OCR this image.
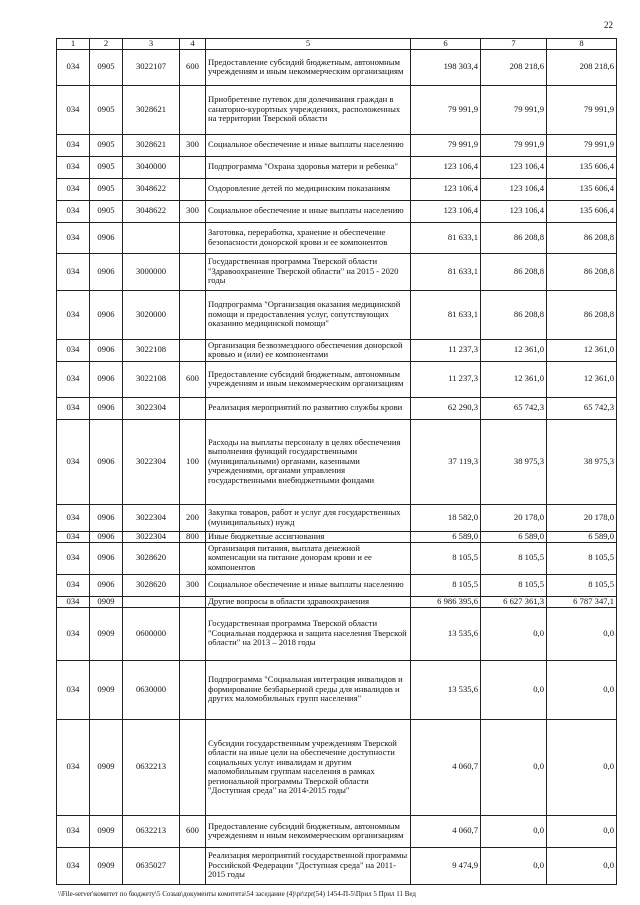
22
1	2	3	4	5	6	7	8
034	0905	3022107	600	Предоставление субсидий бюджетным, автономным учреждениям и иным некоммерческим организациям	198 303,4	208 218,6	208 218,6
034	0905	3028621		Приобретение путевок для долечивания граждан в санаторно-курортных учреждениях, расположенных на территории Тверской области	79 991,9	79 991,9	79 991,9
034	0905	3028621	300	Социальное обеспечение и иные выплаты населению	79 991,9	79 991,9	79 991,9
034	0905	3040000		Подпрограмма "Охрана здоровья матери и ребенка"	123 106,4	123 106,4	135 606,4
034	0905	3048622		Оздоровление детей по медицинским показаниям	123 106,4	123 106,4	135 606,4
034	0905	3048622	300	Социальное обеспечение и иные выплаты населению	123 106,4	123 106,4	135 606,4
034	0906			Заготовка, переработка, хранение и обеспечение безопасности донорской крови и ее компонентов	81 633,1	86 208,8	86 208,8
034	0906	3000000		Государственная программа Тверской области "Здравоохранение Тверской области" на 2015 - 2020 годы	81 633,1	86 208,8	86 208,8
034	0906	3020000		Подпрограмма "Организация оказания медицинской помощи и предоставления услуг, сопутствующих оказанию медицинской помощи"	81 633,1	86 208,8	86 208,8
034	0906	3022108		Организация безвозмездного обеспечения донорской кровью и (или) ее компонентами	11 237,3	12 361,0	12 361,0
034	0906	3022108	600	Предоставление субсидий бюджетным, автономным учреждениям и иным некоммерческим организациям	11 237,3	12 361,0	12 361,0
034	0906	3022304		Реализация мероприятий по развитию службы крови	62 290,3	65 742,3	65 742,3
034	0906	3022304	100	Расходы на выплаты персоналу в целях обеспечения выполнения функций государственными (муниципальными) органами, казенными учреждениями, органами управления государственными внебюджетными фондами	37 119,3	38 975,3	38 975,3
034	0906	3022304	200	Закупка товаров, работ и услуг для государственных (муниципальных) нужд	18 582,0	20 178,0	20 178,0
034	0906	3022304	800	Иные бюджетные ассигнования	6 589,0	6 589,0	6 589,0
034	0906	3028620		Организация питания, выплата денежной компенсации на питание донорам крови и ее компонентов	8 105,5	8 105,5	8 105,5
034	0906	3028620	300	Социальное обеспечение и иные выплаты населению	8 105,5	8 105,5	8 105,5
034	0909			Другие вопросы в области здравоохранения	6 986 395,6	6 627 361,3	6 787 347,1
034	0909	0600000		Государственная программа Тверской области "Социальная поддержка и защита населения Тверской области" на 2013 – 2018 годы	13 535,6	0,0	0,0
034	0909	0630000		Подпрограмма "Социальная интеграция инвалидов и формирование безбарьерной среды для инвалидов и других маломобильных групп населения"	13 535,6	0,0	0,0
034	0909	0632213		Субсидии государственным учреждениям Тверской области на иные цели на обеспечение доступности социальных услуг инвалидам и другим маломобильным группам населения в рамках региональной программы Тверской области "Доступная среда" на 2014-2015 годы"	4 060,7	0,0	0,0
034	0909	0632213	600	Предоставление субсидий бюджетным, автономным учреждениям и иным некоммерческим организациям	4 060,7	0,0	0,0
034	0909	0635027		Реализация мероприятий государственной программы Российской Федерации "Доступная среда" на 2011-2015 годы	9 474,9	0,0	0,0
\\File-server\комитет по бюджету\5 Созыв\документы комитета\54 заседание (4)\pr\zpr(54) 1454-П-5\Прил 5 Прил 11 Вед
